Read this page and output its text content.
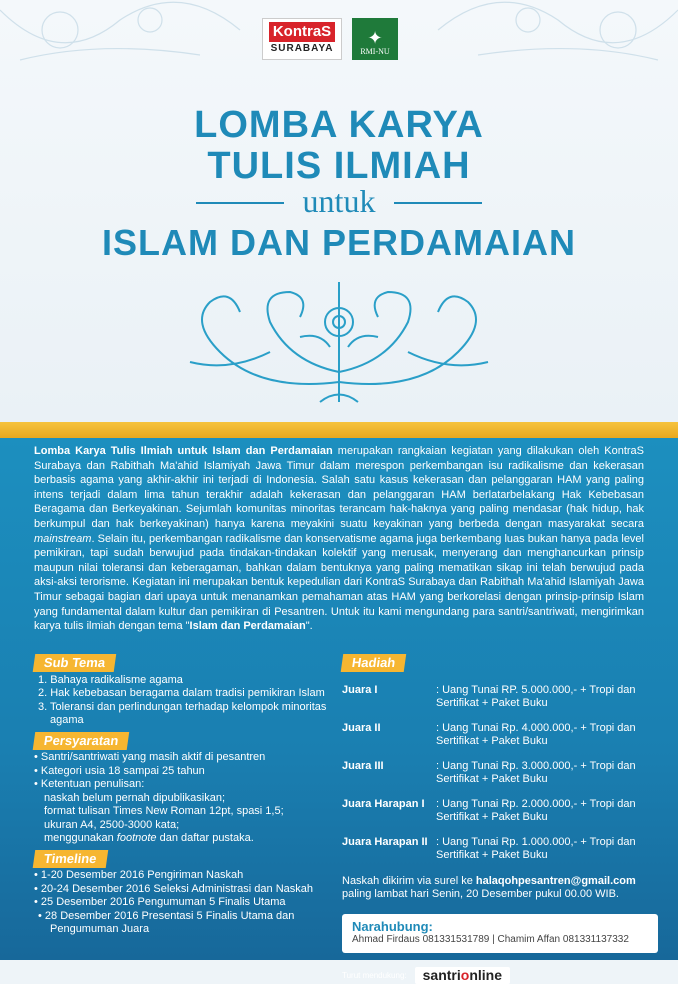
KontraS
SURABAYA
✦
RMI-NU
LOMBA KARYA
TULIS ILMIAH
untuk
ISLAM DAN PERDAMAIAN

Lomba Karya Tulis Ilmiah untuk Islam dan Perdamaian merupakan rangkaian kegiatan yang dilakukan oleh KontraS Surabaya dan Rabithah Ma'ahid Islamiyah Jawa Timur dalam merespon perkembangan isu radikalisme dan kekerasan berbasis agama yang akhir-akhir ini terjadi di Indonesia. Salah satu kasus kekerasan dan pelanggaran HAM yang paling intens terjadi dalam lima tahun terakhir adalah kekerasan dan pelanggaran HAM berlatarbelakang Hak Kebebasan Beragama dan Berkeyakinan. Sejumlah komunitas minoritas terancam hak-haknya yang paling mendasar (hak hidup, hak berkumpul dan hak berkeyakinan) hanya karena meyakini suatu keyakinan yang berbeda dengan masyarakat secara mainstream. Selain itu, perkembangan radikalisme dan konservatisme agama juga berkembang luas bukan hanya pada level pemikiran, tapi sudah berwujud pada tindakan-tindakan kolektif yang merusak, menyerang dan menghancurkan prinsip maupun nilai toleransi dan keberagaman, bahkan dalam bentuknya yang paling mematikan sikap ini telah berwujud pada aksi-aksi terorisme. Kegiatan ini merupakan bentuk kepedulian dari KontraS Surabaya dan Rabithah Ma'ahid Islamiyah Jawa Timur sebagai bagian dari upaya untuk menanamkan pemahaman atas HAM yang berkorelasi dengan prinsip-prinsip Islam yang fundamental dalam kultur dan pemikiran di Pesantren. Untuk itu kami mengundang para santri/santriwati, mengirimkan karya tulis ilmiah dengan tema "Islam dan Perdamaian".

Sub Tema
1. Bahaya radikalisme agama
2. Hak kebebasan beragama dalam tradisi pemikiran Islam
3. Toleransi dan perlindungan terhadap kelompok minoritas agama
Persyaratan
• Santri/santriwati yang masih aktif di pesantren
• Kategori usia 18 sampai 25 tahun
• Ketentuan penulisan:
naskah belum pernah dipublikasikan;
format tulisan Times New Roman 12pt, spasi 1,5;
ukuran A4, 2500-3000 kata;
menggunakan footnote dan daftar pustaka.
Timeline
• 1-20 Desember 2016 Pengiriman Naskah
• 20-24 Desember 2016 Seleksi Administrasi dan Naskah
• 25 Desember 2016 Pengumuman 5 Finalis Utama
• 28 Desember 2016 Presentasi 5 Finalis Utama dan Pengumuman Juara
Hadiah
Juara I	: Uang Tunai RP. 5.000.000,- + Tropi dan Sertifikat + Paket Buku
Juara II	: Uang Tunai Rp. 4.000.000,- + Tropi dan Sertifikat + Paket Buku
Juara III	: Uang Tunai Rp. 3.000.000,- + Tropi dan Sertifikat + Paket Buku
Juara Harapan I	: Uang Tunai Rp. 2.000.000,- + Tropi dan Sertifikat + Paket Buku
Juara Harapan II : Uang Tunai Rp. 1.000.000,- + Tropi dan Sertifikat + Paket Buku
Naskah dikirim via surel ke halaqohpesantren@gmail.com
paling lambat hari Senin, 20 Desember pukul 00.00 WIB.
Narahubung:
Ahmad Firdaus 081331531789 | Chamim Affan 081331137332
Turut mendukung:	santrionline
